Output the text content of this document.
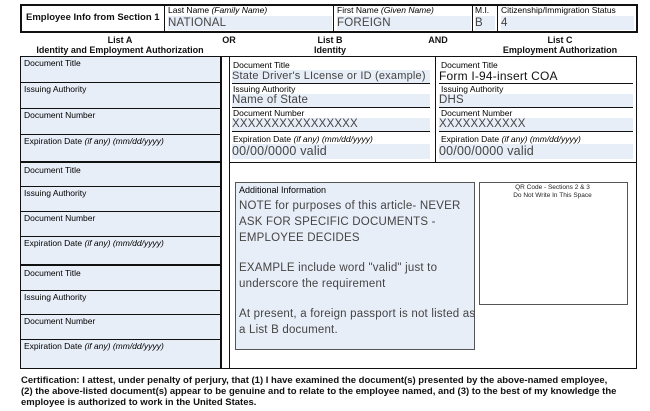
Employee Info from Section 1
Last Name (Family Name)
NATIONAL
First Name (Given Name)
FOREIGN
M.I.
B
Citizenship/Immigration Status
4
List A
Identity and Employment Authorization
OR	List B
Identity
AND	List C
Employment Authorization
Document Title
Issuing Authority
Document Number
Expiration Date (if any) (mm/dd/yyyy)
Document Title
Issuing Authority
Document Number
Expiration Date (if any) (mm/dd/yyyy)
Document Title
Issuing Authority
Document Number
Expiration Date (if any) (mm/dd/yyyy)
Document Title
State Driver's LIcense or ID (example)
Issuing Authority
Name of State
Document Number
XXXXXXXXXXXXXXXX
Expiration Date (if any) (mm/dd/yyyy)
00/00/0000 valid
Document Title
Form I-94-insert COA
Issuing Authority
DHS
Document Number
XXXXXXXXXXX
Expiration Date (if any) (mm/dd/yyyy)
00/00/0000 valid
Additional Information
NOTE for purposes of this article- NEVER
ASK FOR SPECIFIC DOCUMENTS -
EMPLOYEE DECIDES
EXAMPLE include word "valid" just to
underscore the requirement
At present, a foreign passport is not listed as
a List B document.
QR Code - Sections 2 & 3
Do Not Write In This Space
Certification: I attest, under penalty of perjury, that (1) I have examined the document(s) presented by the above-named employee,
(2) the above-listed document(s) appear to be genuine and to relate to the employee named, and (3) to the best of my knowledge the
employee is authorized to work in the United States.
